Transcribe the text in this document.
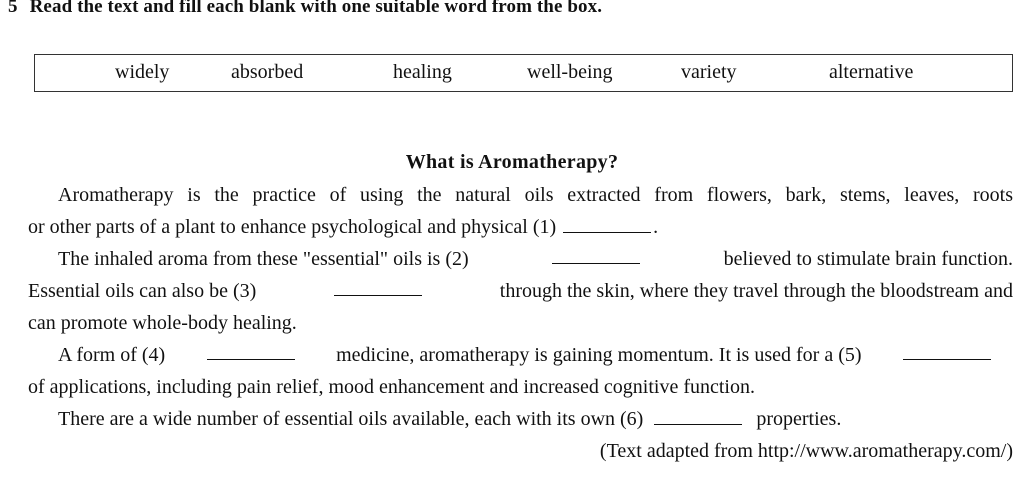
5 Read the text and fill each blank with one suitable word from the box.
widely	absorbed	healing	well-being	variety	alternative
What is Aromatherapy?
Aromatherapy is the practice of using the natural oils extracted from flowers, bark, stems, leaves, roots
or other parts of a plant to enhance psychological and physical (1)	.
The inhaled aroma from these "essential" oils is (2)	believed to stimulate brain function.
Essential oils can also be (3)	through the skin, where they travel through the bloodstream and
can promote whole-body healing.
A form of (4)	medicine, aromatherapy is gaining momentum. It is used for a (5)
of applications, including pain relief, mood enhancement and increased cognitive function.
There are a wide number of essential oils available, each with its own (6)	properties.
(Text adapted from http://www.aromatherapy.com/)
